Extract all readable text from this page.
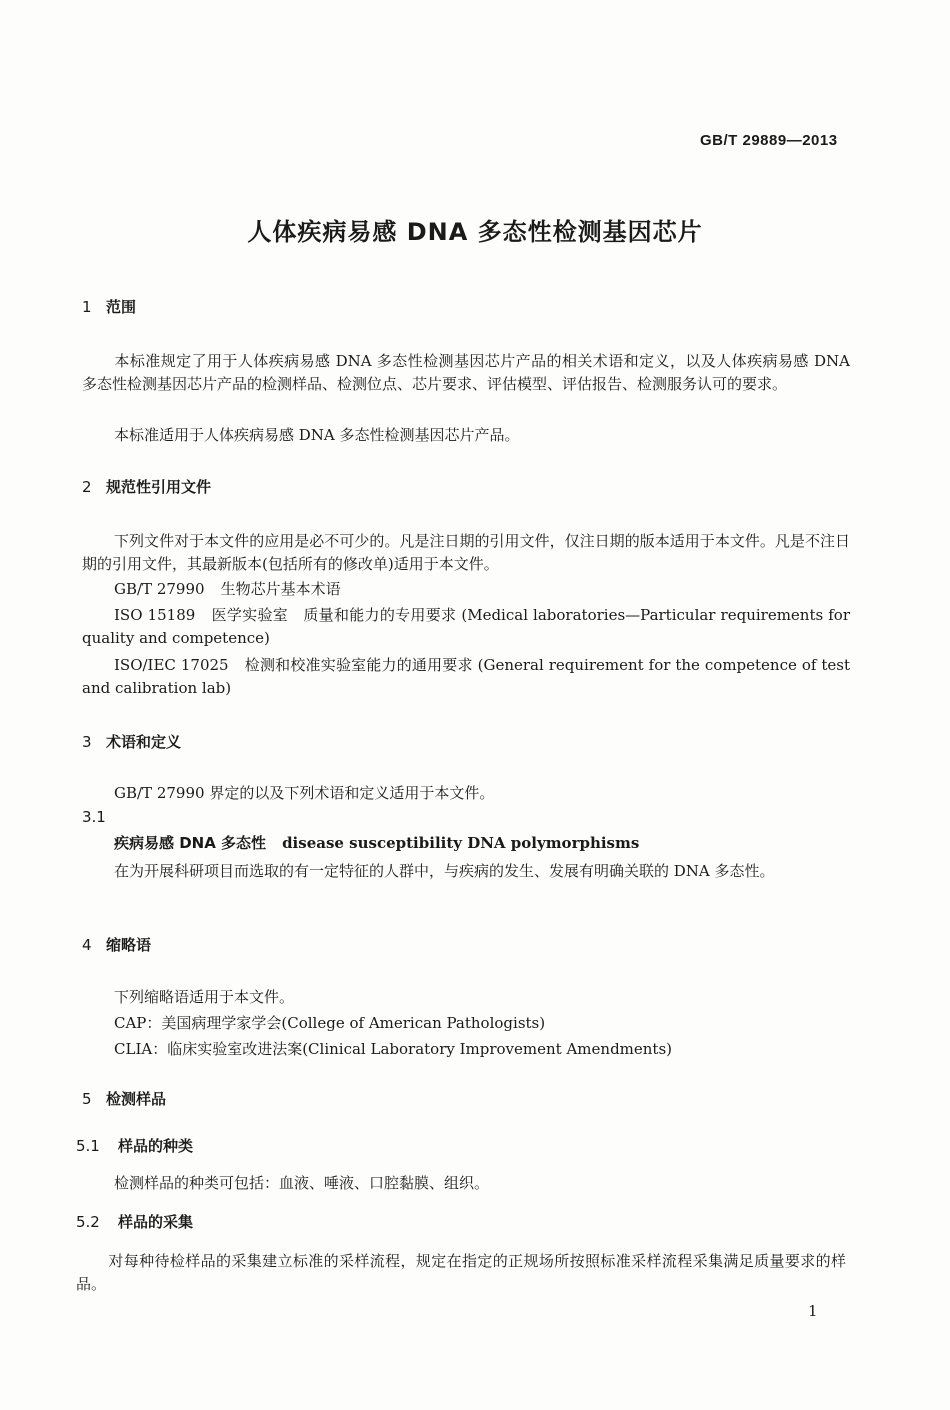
GB/T 29889—2013
人体疾病易感 DNA 多态性检测基因芯片
1 范围
本标准规定了用于人体疾病易感 DNA 多态性检测基因芯片产品的相关术语和定义，以及人体疾病易感 DNA 多态性检测基因芯片产品的检测样品、检测位点、芯片要求、评估模型、评估报告、检测服务认可的要求。
本标准适用于人体疾病易感 DNA 多态性检测基因芯片产品。
2 规范性引用文件
下列文件对于本文件的应用是必不可少的。凡是注日期的引用文件，仅注日期的版本适用于本文件。凡是不注日期的引用文件，其最新版本(包括所有的修改单)适用于本文件。
GB/T 27990 生物芯片基本术语
ISO 15189 医学实验室　质量和能力的专用要求 (Medical laboratories—Particular requirements for quality and competence)
ISO/IEC 17025 检测和校准实验室能力的通用要求 (General requirement for the competence of test and calibration lab)
3 术语和定义
GB/T 27990 界定的以及下列术语和定义适用于本文件。
3.1
疾病易感 DNA 多态性 disease susceptibility DNA polymorphisms
在为开展科研项目而选取的有一定特征的人群中，与疾病的发生、发展有明确关联的 DNA 多态性。
4 缩略语
下列缩略语适用于本文件。
CAP：美国病理学家学会(College of American Pathologists)
CLIA：临床实验室改进法案(Clinical Laboratory Improvement Amendments)
5 检测样品
5.1 样品的种类
检测样品的种类可包括：血液、唾液、口腔黏膜、组织。
5.2 样品的采集
对每种待检样品的采集建立标准的采样流程，规定在指定的正规场所按照标准采样流程采集满足质量要求的样品。
1
